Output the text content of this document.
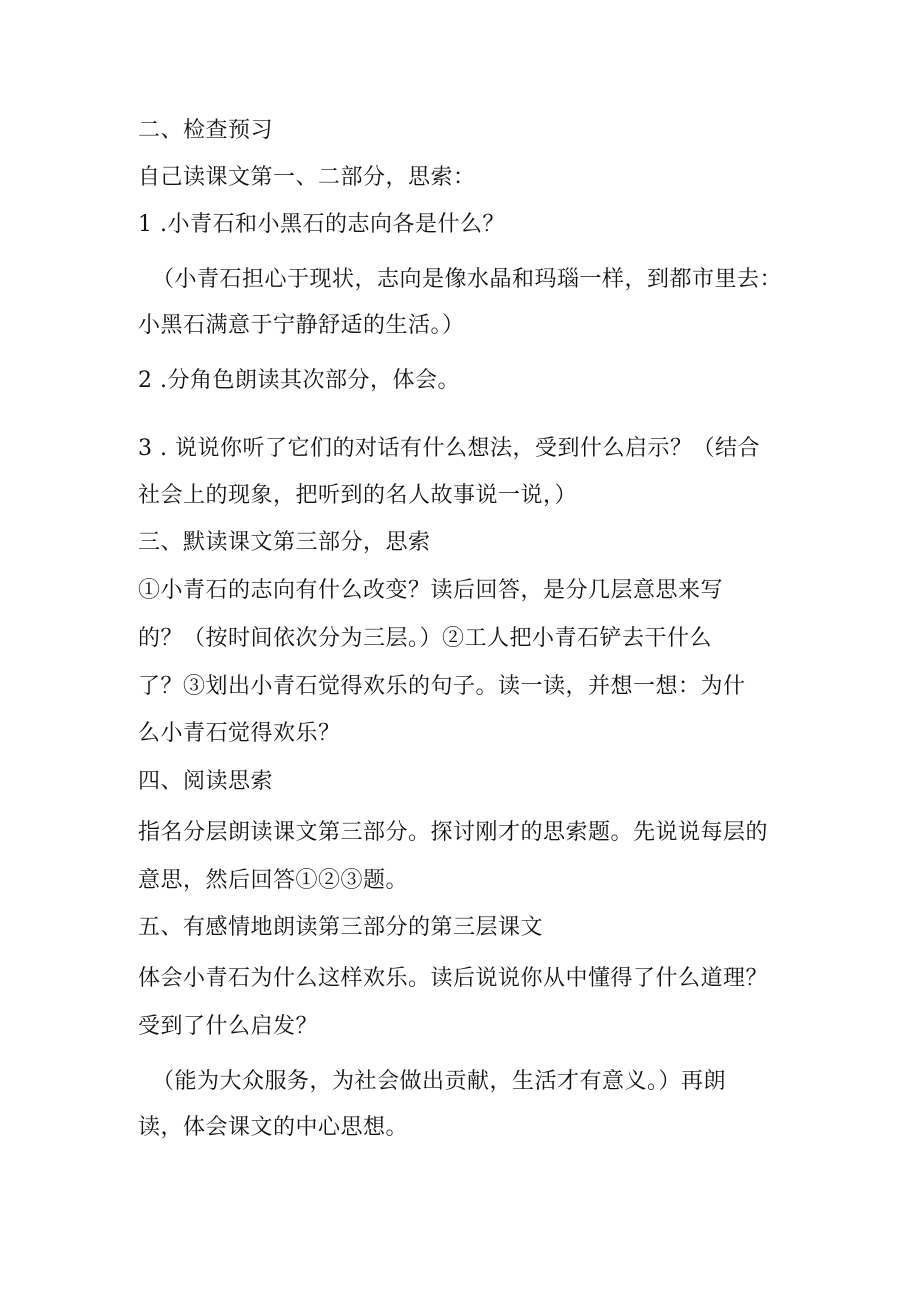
二、检查预习
自己读课文第一、二部分，思索：
1 .小青石和小黑石的志向各是什么？
（小青石担心于现状，志向是像水晶和玛瑙一样，到都市里去：
小黑石满意于宁静舒适的生活。）
2 .分角色朗读其次部分，体会。
3 . 说说你听了它们的对话有什么想法，受到什么启示？（结合
社会上的现象，把听到的名人故事说一说，）
三、默读课文第三部分，思索
①小青石的志向有什么改变？读后回答，是分几层意思来写
的？（按时间依次分为三层。）②工人把小青石铲去干什么
了？③划出小青石觉得欢乐的句子。读一读，并想一想：为什
么小青石觉得欢乐？
四、阅读思索
指名分层朗读课文第三部分。探讨刚才的思索题。先说说每层的
意思，然后回答①②③题。
五、有感情地朗读第三部分的第三层课文
体会小青石为什么这样欢乐。读后说说你从中懂得了什么道理？
受到了什么启发？
（能为大众服务，为社会做出贡献，生活才有意义。）再朗
读，体会课文的中心思想。
